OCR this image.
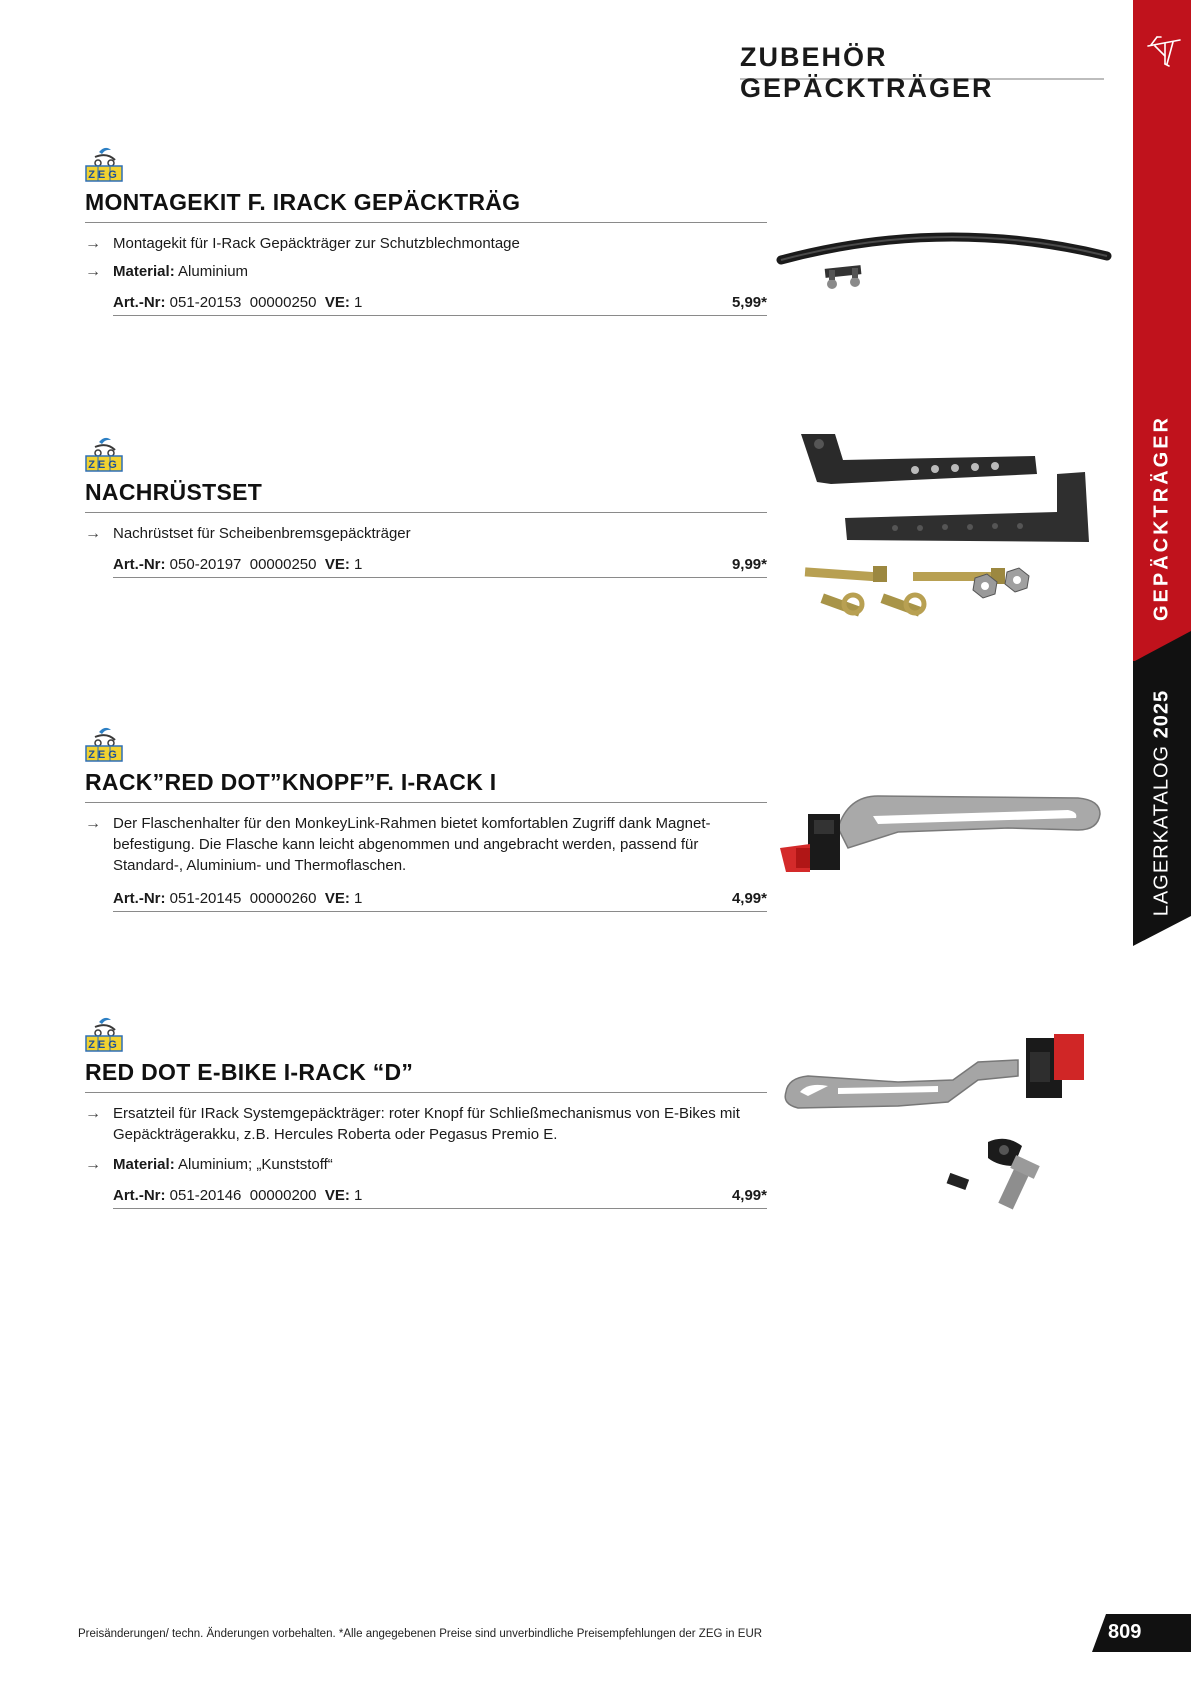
ZUBEHÖR GEPÄCKTRÄGER
GEPÄCKTRÄGER
LAGERKATALOG 2025
ZEG
MONTAGEKIT F. IRACK GEPÄCKTRÄG
→ Montagekit für I-Rack Gepäckträger zur Schutzblechmontage
→ Material: Aluminium
Art.-Nr: 051-20153  00000250  VE: 1	5,99*
ZEG
NACHRÜSTSET
→ Nachrüstset für Scheibenbremsgepäckträger
Art.-Nr: 050-20197  00000250  VE: 1	9,99*
ZEG
RACK”RED DOT”KNOPF”F. I-RACK I
→ Der Flaschenhalter für den MonkeyLink-Rahmen bietet komfortablen Zugriff dank Magnet-befestigung. Die Flasche kann leicht abgenommen und angebracht werden, passend für Standard-, Aluminium- und Thermoflaschen.
Art.-Nr: 051-20145  00000260  VE: 1	4,99*
ZEG
RED DOT E-BIKE I-RACK “D”
→ Ersatzteil für IRack Systemgepäckträger: roter Knopf für Schließmechanismus von E-Bikes mit Gepäckträgerakku, z.B. Hercules Roberta oder Pegasus Premio E.
→ Material: Aluminium; „Kunststoff“
Art.-Nr: 051-20146  00000200  VE: 1	4,99*
Preisänderungen/ techn. Änderungen vorbehalten. *Alle angegebenen Preise sind unverbindliche Preisempfehlungen der ZEG in EUR	809
